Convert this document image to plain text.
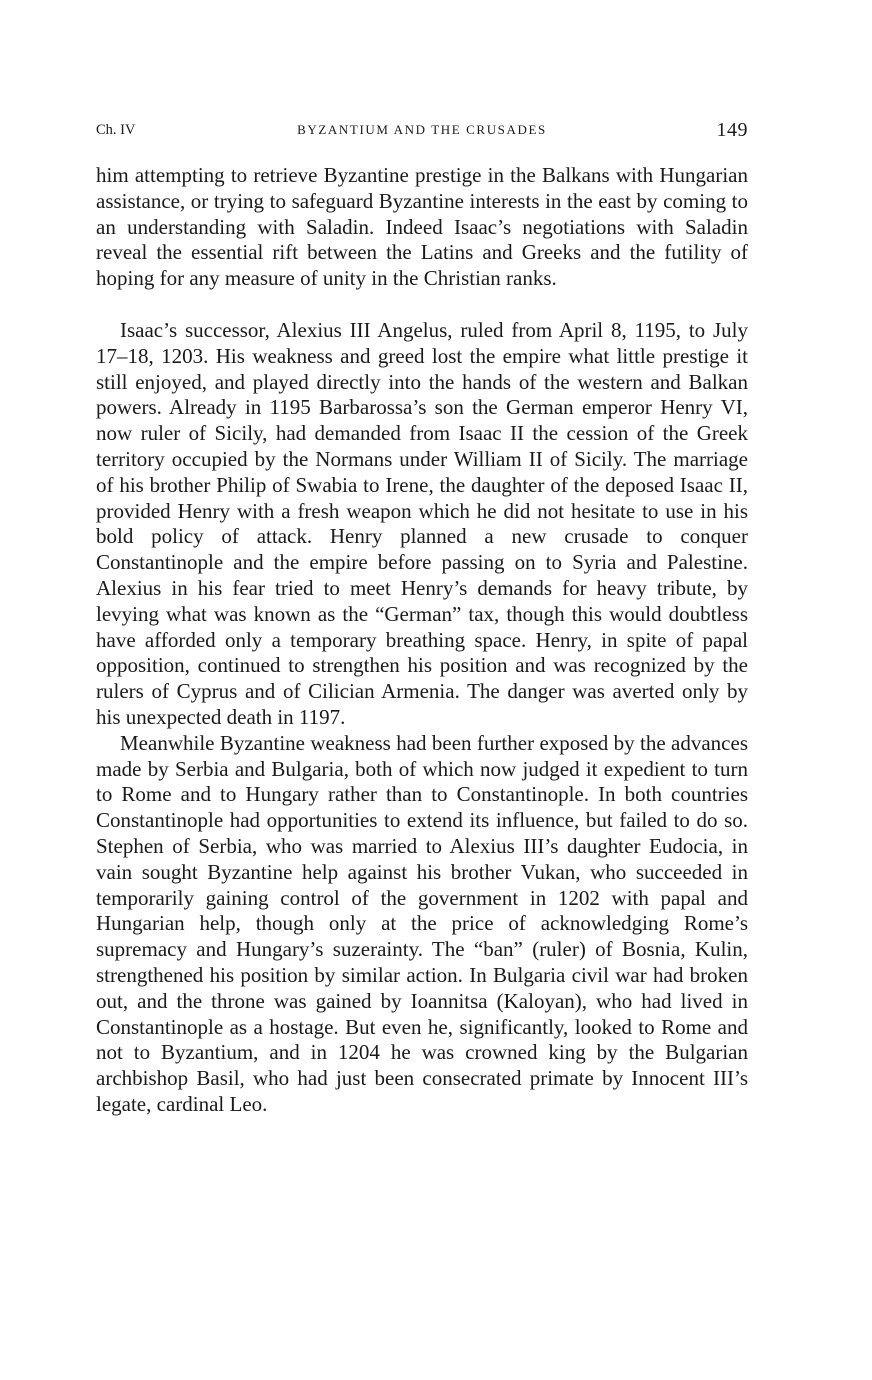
Ch. IV	BYZANTIUM AND THE CRUSADES	149

him attempting to retrieve Byzantine prestige in the Balkans with Hungarian assistance, or trying to safeguard Byzantine interests in the east by coming to an understanding with Saladin. Indeed Isaac’s negotiations with Saladin reveal the essential rift between the Latins and Greeks and the futility of hoping for any measure of unity in the Christian ranks.

Isaac’s successor, Alexius III Angelus, ruled from April 8, 1195, to July 17–18, 1203. His weakness and greed lost the empire what little prestige it still enjoyed, and played directly into the hands of the western and Balkan powers. Already in 1195 Barbarossa’s son the German emperor Henry VI, now ruler of Sicily, had demanded from Isaac II the cession of the Greek territory occupied by the Normans under William II of Sicily. The marriage of his brother Philip of Swabia to Irene, the daughter of the deposed Isaac II, provided Henry with a fresh weapon which he did not hesitate to use in his bold policy of attack. Henry planned a new crusade to conquer Constantinople and the empire before passing on to Syria and Palestine. Alexius in his fear tried to meet Henry’s demands for heavy tribute, by levying what was known as the “German” tax, though this would doubtless have afforded only a temporary breathing space. Henry, in spite of papal opposition, continued to strengthen his position and was recognized by the rulers of Cyprus and of Cilician Armenia. The danger was averted only by his unexpected death in 1197.

Meanwhile Byzantine weakness had been further exposed by the advances made by Serbia and Bulgaria, both of which now judged it expedient to turn to Rome and to Hungary rather than to Constantinople. In both countries Constantinople had opportunities to extend its influence, but failed to do so. Stephen of Serbia, who was married to Alexius III’s daughter Eudocia, in vain sought Byzantine help against his brother Vukan, who succeeded in temporarily gaining control of the government in 1202 with papal and Hungarian help, though only at the price of acknowledging Rome’s supremacy and Hungary’s suzerainty. The “ban” (ruler) of Bosnia, Kulin, strengthened his position by similar action. In Bulgaria civil war had broken out, and the throne was gained by Ioannitsa (Kaloyan), who had lived in Constantinople as a hostage. But even he, significantly, looked to Rome and not to Byzantium, and in 1204 he was crowned king by the Bulgarian archbishop Basil, who had just been consecrated primate by Innocent III’s legate, cardinal Leo.
